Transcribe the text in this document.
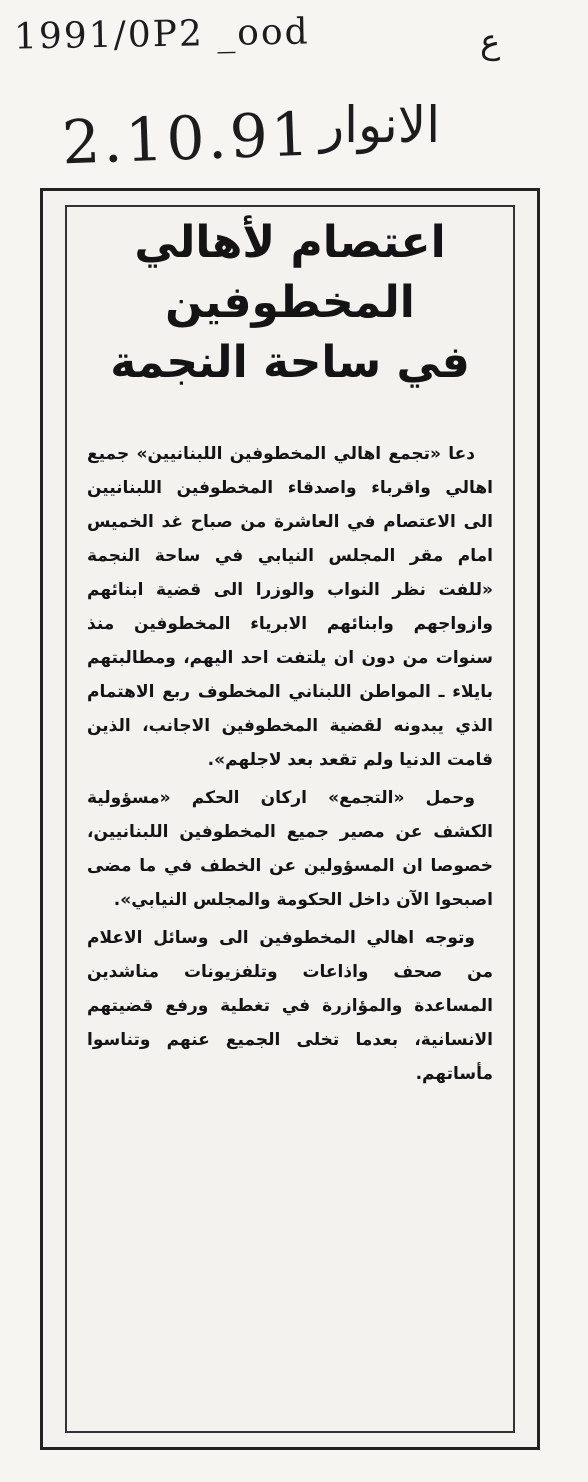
1991/0P2 _ood	ع
2.10.91 الانوار
اعتصام لأهالي
المخطوفين
في ساحة النجمة

دعا «تجمع اهالي المخطوفين اللبنانيين» جميع اهالي واقرباء واصدقاء المخطوفين اللبنانيين الى الاعتصام في العاشرة من صباح غد الخميس امام مقر المجلس النيابي في ساحة النجمة «للفت نظر النواب والوزرا الى قضية ابنائهم وازواجهم وابنائهم الابرياء المخطوفين منذ سنوات من دون ان يلتفت احد اليهم، ومطالبتهم بايلاء ـ المواطن اللبناني المخطوف ربع الاهتمام الذي يبدونه لقضية المخطوفين الاجانب، الذين قامت الدنيا ولم تقعد بعد لاجلهم».

وحمل «التجمع» اركان الحكم «مسؤولية الكشف عن مصير جميع المخطوفين اللبنانيين، خصوصا ان المسؤولين عن الخطف في ما مضى اصبحوا الآن داخل الحكومة والمجلس النيابي».

وتوجه اهالي المخطوفين الى وسائل الاعلام من صحف واذاعات وتلفزيونات مناشدين المساعدة والمؤازرة في تغطية ورفع قضيتهم الانسانية، بعدما تخلى الجميع عنهم وتناسوا مأساتهم.
